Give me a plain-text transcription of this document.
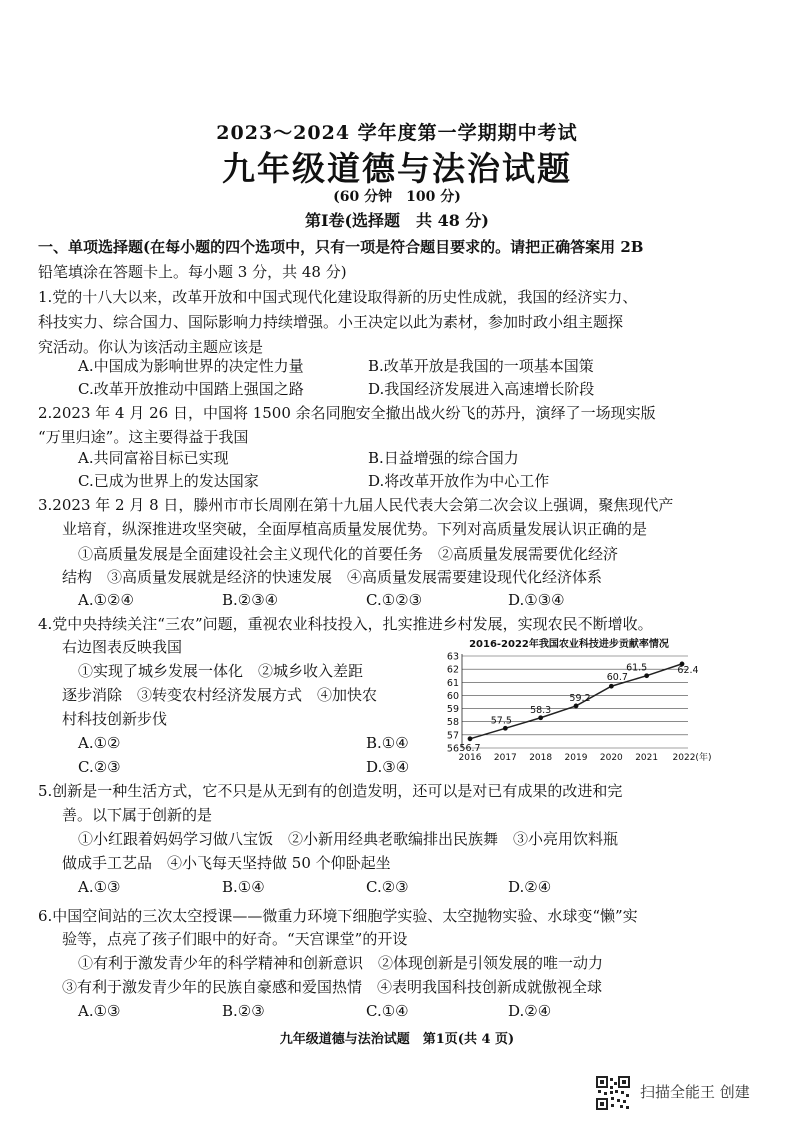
2023～2024 学年度第一学期期中考试
九年级道德与法治试题
(60 分钟　100 分)
第Ⅰ卷(选择题　共 48 分)
一、单项选择题(在每小题的四个选项中，只有一项是符合题目要求的。请把正确答案用 2B
铅笔填涂在答题卡上。每小题 3 分，共 48 分)
1.党的十八大以来，改革开放和中国式现代化建设取得新的历史性成就，我国的经济实力、
科技实力、综合国力、国际影响力持续增强。小王决定以此为素材，参加时政小组主题探
究活动。你认为该活动主题应该是
A.中国成为影响世界的决定性力量	B.改革开放是我国的一项基本国策
C.改革开放推动中国踏上强国之路	D.我国经济发展进入高速增长阶段
2.2023 年 4 月 26 日，中国将 1500 余名同胞安全撤出战火纷飞的苏丹，演绎了一场现实版
“万里归途”。这主要得益于我国
A.共同富裕目标已实现	B.日益增强的综合国力
C.已成为世界上的发达国家	D.将改革开放作为中心工作
3.2023 年 2 月 8 日，滕州市市长周刚在第十九届人民代表大会第二次会议上强调，聚焦现代产
业培育，纵深推进攻坚突破，全面厚植高质量发展优势。下列对高质量发展认识正确的是
①高质量发展是全面建设社会主义现代化的首要任务　②高质量发展需要优化经济
结构　③高质量发展就是经济的快速发展　④高质量发展需要建设现代化经济体系
A.①②④	B.②③④	C.①②③	D.①③④
4.党中央持续关注“三农”问题，重视农业科技投入，扎实推进乡村发展，实现农民不断增收。
右边图表反映我国
①实现了城乡发展一体化　②城乡收入差距
逐步消除　③转变农村经济发展方式　④加快农
村科技创新步伐
A.①②	B.①④
C.②③	D.③④
2016-2022年我国农业科技进步贡献率情况
56
57
58
59
60
61
62
63
2016 2017 2018 2019 2020 2021 2022(年)
56.7
57.5
58.3
59.2
60.7
61.5	62.4
5.创新是一种生活方式，它不只是从无到有的创造发明，还可以是对已有成果的改进和完
善。以下属于创新的是
①小红跟着妈妈学习做八宝饭　②小新用经典老歌编排出民族舞　③小亮用饮料瓶
做成手工艺品　④小飞每天坚持做 50 个仰卧起坐
A.①③	B.①④	C.②③	D.②④
6.中国空间站的三次太空授课——微重力环境下细胞学实验、太空抛物实验、水球变“懒”实
验等，点亮了孩子们眼中的好奇。“天宫课堂”的开设
①有利于激发青少年的科学精神和创新意识　②体现创新是引领发展的唯一动力
③有利于激发青少年的民族自豪感和爱国热情　④表明我国科技创新成就傲视全球
A.①③	B.②③	C.①④	D.②④
九年级道德与法治试题　第1页(共 4 页)
扫描全能王 创建
